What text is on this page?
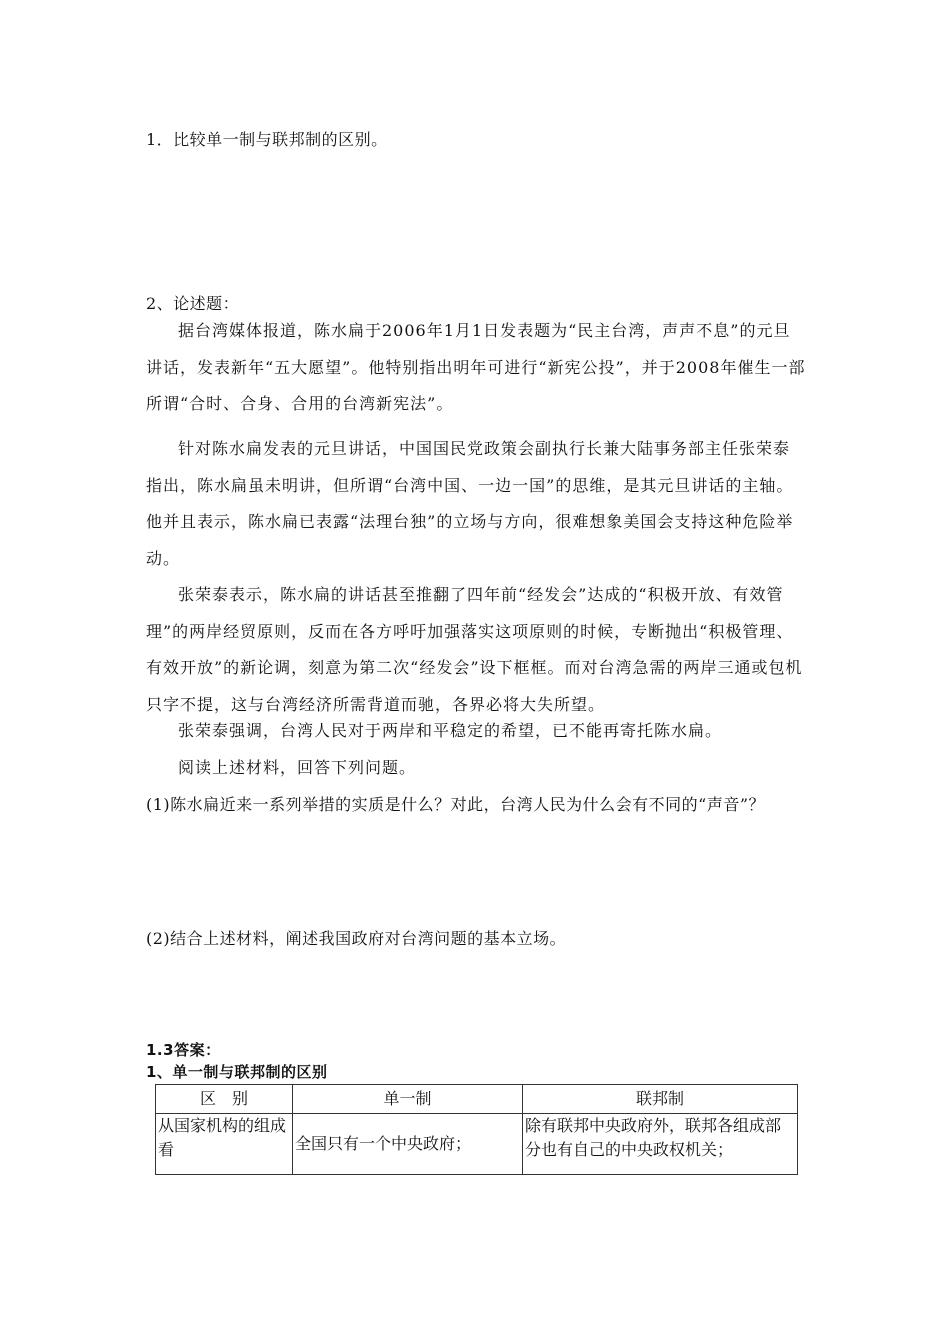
1．比较单一制与联邦制的区别。
2、论述题：

据台湾媒体报道，陈水扁于2006年1月1日发表题为“民主台湾，声声不息”的元旦讲话，发表新年“五大愿望”。他特别指出明年可进行“新宪公投”，并于2008年催生一部所谓“合时、合身、合用的台湾新宪法”。

针对陈水扁发表的元旦讲话，中国国民党政策会副执行长兼大陆事务部主任张荣泰指出，陈水扁虽未明讲，但所谓“台湾中国、一边一国”的思维，是其元旦讲话的主轴。他并且表示，陈水扁已表露“法理台独”的立场与方向，很难想象美国会支持这种危险举动。

张荣泰表示，陈水扁的讲话甚至推翻了四年前“经发会”达成的“积极开放、有效管理”的两岸经贸原则，反而在各方呼吁加强落实这项原则的时候，专断抛出“积极管理、有效开放”的新论调，刻意为第二次“经发会”设下框框。而对台湾急需的两岸三通或包机只字不提，这与台湾经济所需背道而驰，各界必将大失所望。

张荣泰强调，台湾人民对于两岸和平稳定的希望，已不能再寄托陈水扁。

阅读上述材料，回答下列问题。

(1)陈水扁近来一系列举措的实质是什么？对此，台湾人民为什么会有不同的“声音”？
(2)结合上述材料，阐述我国政府对台湾问题的基本立场。
1.3答案：
1、单一制与联邦制的区别
区　别	单一制	联邦制
从国家机构的组成看	全国只有一个中央政府；	除有联邦中央政府外，联邦各组成部分也有自己的中央政权机关；
